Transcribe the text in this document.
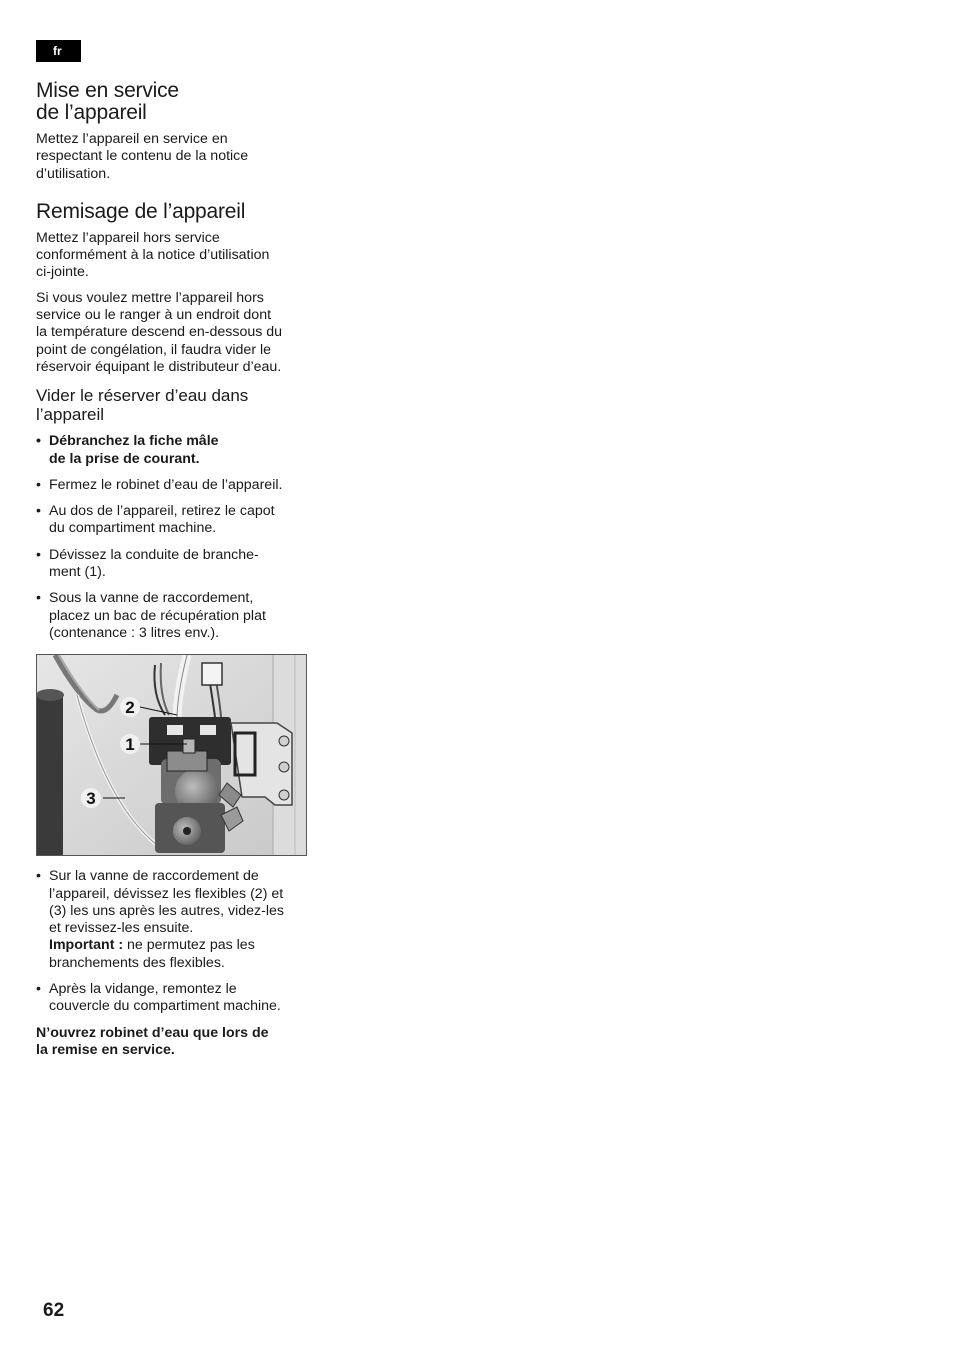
fr
Mise en service
de l’appareil

Mettez l’appareil en service en
respectant le contenu de la notice
d’utilisation.

Remisage de l’appareil

Mettez l’appareil hors service
conformément à la notice d’utilisation
ci-jointe.

Si vous voulez mettre l’appareil hors
service ou le ranger à un endroit dont
la température descend en-dessous du
point de congélation, il faudra vider le
réservoir équipant le distributeur d’eau.

Vider le réserver d’eau dans
l’appareil
• Débranchez la fiche mâle
de la prise de courant.
• Fermez le robinet d’eau de l’appareil.
• Au dos de l’appareil, retirez le capot
du compartiment machine.
• Dévissez la conduite de branche-
ment (1).
• Sous la vanne de raccordement,
placez un bac de récupération plat
(contenance : 3 litres env.).
2
1
3
• Sur la vanne de raccordement de
l’appareil, dévissez les flexibles (2) et
(3) les uns après les autres, videz-les
et revissez-les ensuite.
Important : ne permutez pas les
branchements des flexibles.
• Après la vidange, remontez le
couvercle du compartiment machine.

N’ouvrez robinet d’eau que lors de
la remise en service.

62
